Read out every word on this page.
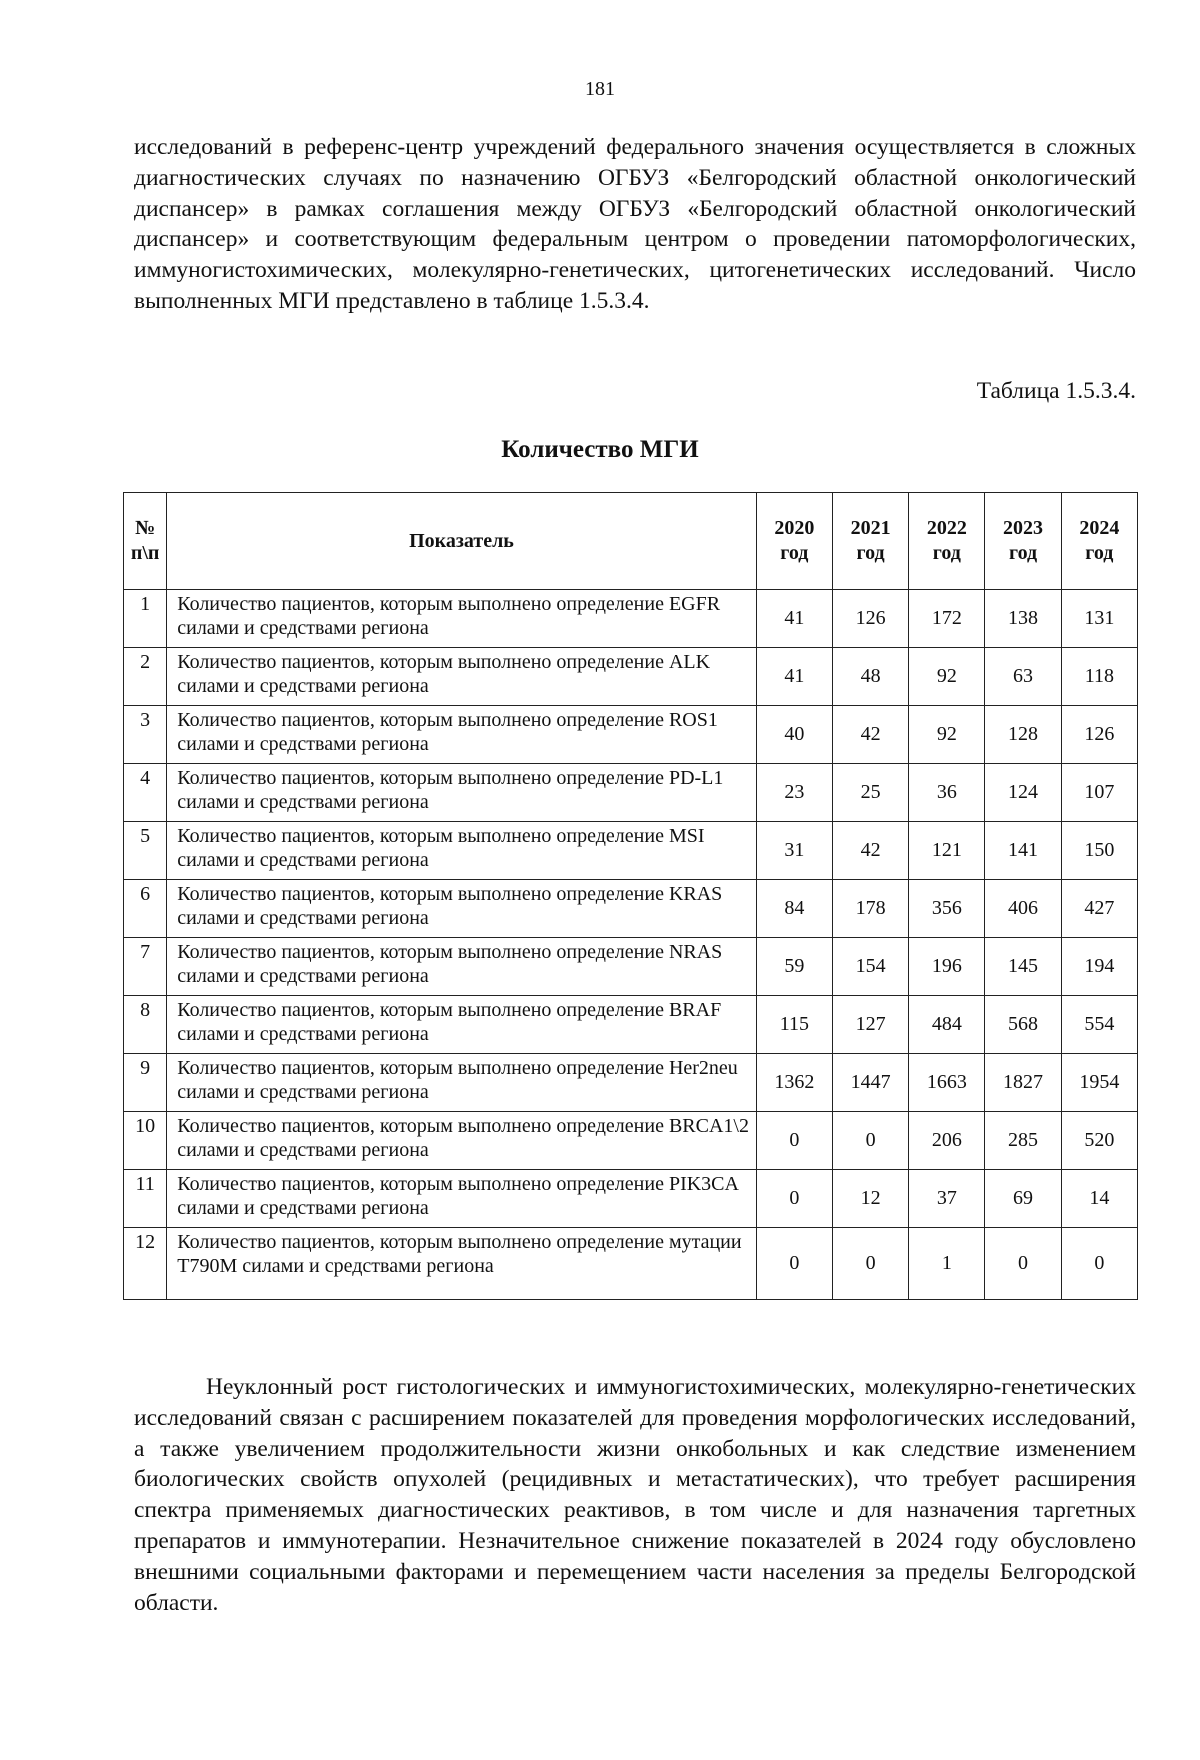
181

исследований в референс-центр учреждений федерального значения осуществляется в сложных диагностических случаях по назначению ОГБУЗ «Белгородский областной онкологический диспансер» в рамках соглашения между ОГБУЗ «Белгородский областной онкологический диспансер» и соответствующим федеральным центром о проведении патоморфологических, иммуногистохимических, молекулярно-генетических, цитогенетических исследований. Число выполненных МГИ представлено в таблице 1.5.3.4.

Таблица 1.5.3.4.
Количество МГИ
№ п\п	Показатель	2020 год	2021 год	2022 год	2023 год	2024 год
1	Количество пациентов, которым выполнено определение EGFR силами и средствами региона	41	126	172	138	131
2	Количество пациентов, которым выполнено определение ALK силами и средствами региона	41	48	92	63	118
3	Количество пациентов, которым выполнено определение ROS1 силами и средствами региона	40	42	92	128	126
4	Количество пациентов, которым выполнено определение PD-L1 силами и средствами региона	23	25	36	124	107
5	Количество пациентов, которым выполнено определение MSI силами и средствами региона	31	42	121	141	150
6	Количество пациентов, которым выполнено определение KRAS силами и средствами региона	84	178	356	406	427
7	Количество пациентов, которым выполнено определение NRAS силами и средствами региона	59	154	196	145	194
8	Количество пациентов, которым выполнено определение BRAF силами и средствами региона	115	127	484	568	554
9	Количество пациентов, которым выполнено определение Her2neu силами и средствами региона	1362	1447	1663	1827	1954
10	Количество пациентов, которым выполнено определение BRCA1\2 силами и средствами региона	0	0	206	285	520
11	Количество пациентов, которым выполнено определение PIK3CA силами и средствами региона	0	12	37	69	14
12	Количество пациентов, которым выполнено определение мутации T790M силами и средствами региона	0	0	1	0	0

Неуклонный рост гистологических и иммуногистохимических, молекулярно-генетических исследований связан с расширением показателей для проведения морфологических исследований, а также увеличением продолжительности жизни онкобольных и как следствие изменением биологических свойств опухолей (рецидивных и метастатических), что требует расширения спектра применяемых диагностических реактивов, в том числе и для назначения таргетных препаратов и иммунотерапии. Незначительное снижение показателей в 2024 году обусловлено внешними социальными факторами и перемещением части населения за пределы Белгородской области.
